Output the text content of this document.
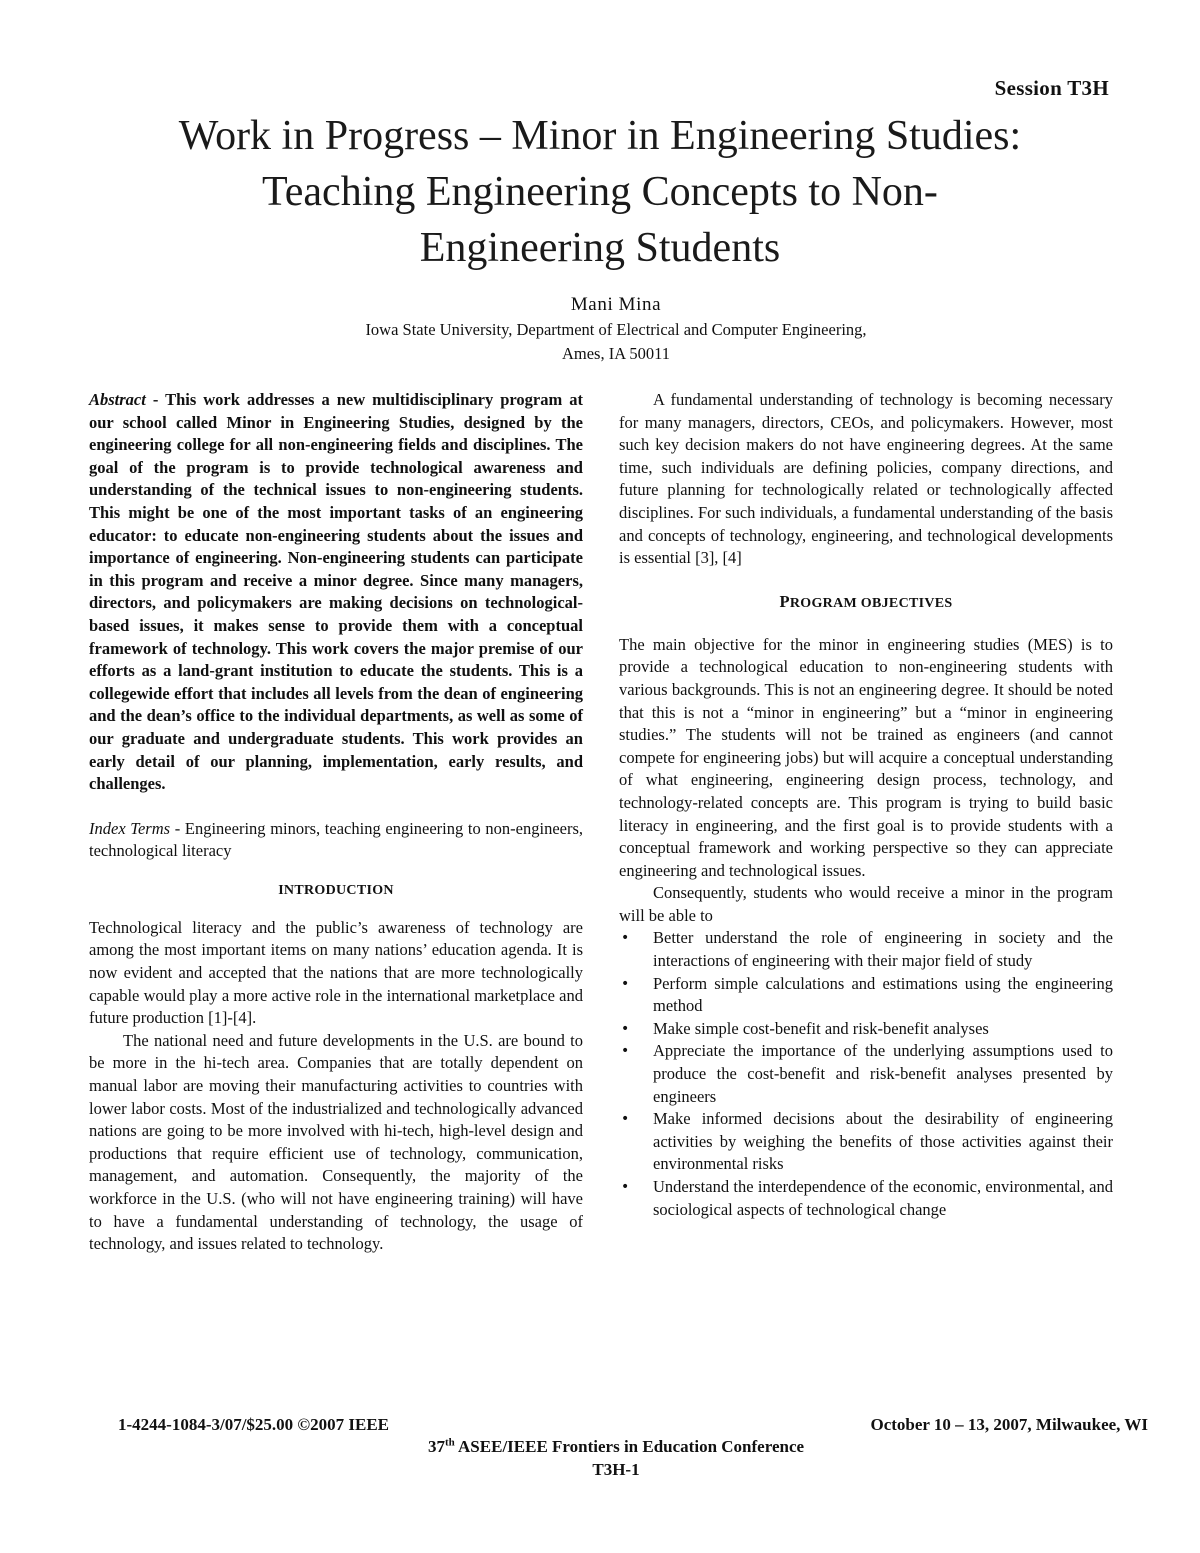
Session T3H
Work in Progress – Minor in Engineering Studies:
Teaching Engineering Concepts to Non-
Engineering Students
Mani Mina
Iowa State University, Department of Electrical and Computer Engineering,
Ames, IA 50011

Abstract - This work addresses a new multidisciplinary program at our school called Minor in Engineering Studies, designed by the engineering college for all non-engineering fields and disciplines. The goal of the program is to provide technological awareness and understanding of the technical issues to non-engineering students. This might be one of the most important tasks of an engineering educator: to educate non-engineering students about the issues and importance of engineering. Non-engineering students can participate in this program and receive a minor degree. Since many managers, directors, and policymakers are making decisions on technological-based issues, it makes sense to provide them with a conceptual framework of technology. This work covers the major premise of our efforts as a land-grant institution to educate the students. This is a collegewide effort that includes all levels from the dean of engineering and the dean’s office to the individual departments, as well as some of our graduate and undergraduate students. This work provides an early detail of our planning, implementation, early results, and challenges.

Index Terms - Engineering minors, teaching engineering to non-engineers, technological literacy

INTRODUCTION

Technological literacy and the public’s awareness of technology are among the most important items on many nations’ education agenda. It is now evident and accepted that the nations that are more technologically capable would play a more active role in the international marketplace and future production [1]-[4].

The national need and future developments in the U.S. are bound to be more in the hi-tech area. Companies that are totally dependent on manual labor are moving their manufacturing activities to countries with lower labor costs. Most of the industrialized and technologically advanced nations are going to be more involved with hi-tech, high-level design and productions that require efficient use of technology, communication, management, and automation. Consequently, the majority of the workforce in the U.S. (who will not have engineering training) will have to have a fundamental understanding of technology, the usage of technology, and issues related to technology.

A fundamental understanding of technology is becoming necessary for many managers, directors, CEOs, and policymakers. However, most such key decision makers do not have engineering degrees. At the same time, such individuals are defining policies, company directions, and future planning for technologically related or technologically affected disciplines. For such individuals, a fundamental understanding of the basis and concepts of technology, engineering, and technological developments is essential [3], [4]

PROGRAM OBJECTIVES

The main objective for the minor in engineering studies (MES) is to provide a technological education to non-engineering students with various backgrounds. This is not an engineering degree. It should be noted that this is not a “minor in engineering” but a “minor in engineering studies.” The students will not be trained as engineers (and cannot compete for engineering jobs) but will acquire a conceptual understanding of what engineering, engineering design process, technology, and technology-related concepts are. This program is trying to build basic literacy in engineering, and the first goal is to provide students with a conceptual framework and working perspective so they can appreciate engineering and technological issues.

Consequently, students who would receive a minor in the program will be able to

• Better understand the role of engineering in society and the interactions of engineering with their major field of study
• Perform simple calculations and estimations using the engineering method
• Make simple cost-benefit and risk-benefit analyses
• Appreciate the importance of the underlying assumptions used to produce the cost-benefit and risk-benefit analyses presented by engineers
• Make informed decisions about the desirability of engineering activities by weighing the benefits of those activities against their environmental risks
• Understand the interdependence of the economic, environmental, and sociological aspects of technological change
1-4244-1084-3/07/$25.00 ©2007 IEEE	October 10 – 13, 2007, Milwaukee, WI
37th ASEE/IEEE Frontiers in Education Conference
T3H-1
